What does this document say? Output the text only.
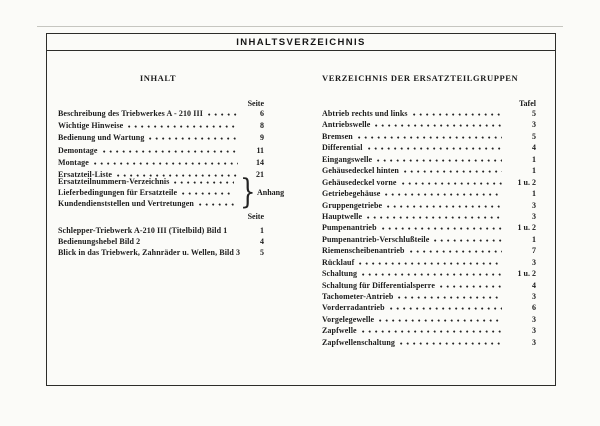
INHALTSVERZEICHNIS
INHALT
Seite
Beschreibung des Triebwerkes A - 210 III	6
Wichtige Hinweise	8
Bedienung und Wartung	9
Demontage	11
Montage	14
Ersatzteil-Liste	21
Ersatzteilnummern-Verzeichnis
Lieferbedingungen für Ersatzteile
Kundendienststellen und Vertretungen } Anhang
Seite
Schlepper-Triebwerk A-210 III (Titelbild) Bild 1	1
Bedienungshebel Bild 2	4
Blick in das Triebwerk, Zahnräder u. Wellen, Bild 3	5
VERZEICHNIS DER ERSATZTEILGRUPPEN
Tafel
Abtrieb rechts und links	5
Antriebswelle	3
Bremsen	5
Differential	4
Eingangswelle	1
Gehäusedeckel hinten	1
Gehäusedeckel vorne	1 u. 2
Getriebegehäuse	1
Gruppengetriebe	3
Hauptwelle	3
Pumpenantrieb	1 u. 2
Pumpenantrieb-Verschlußteile	1
Riemenscheibenantrieb	7
Rücklauf	3
Schaltung	1 u. 2
Schaltung für Differentialsperre	4
Tachometer-Antrieb	3
Vorderradantrieb	6
Vorgelegewelle	3
Zapfwelle	3
Zapfwellenschaltung	3
